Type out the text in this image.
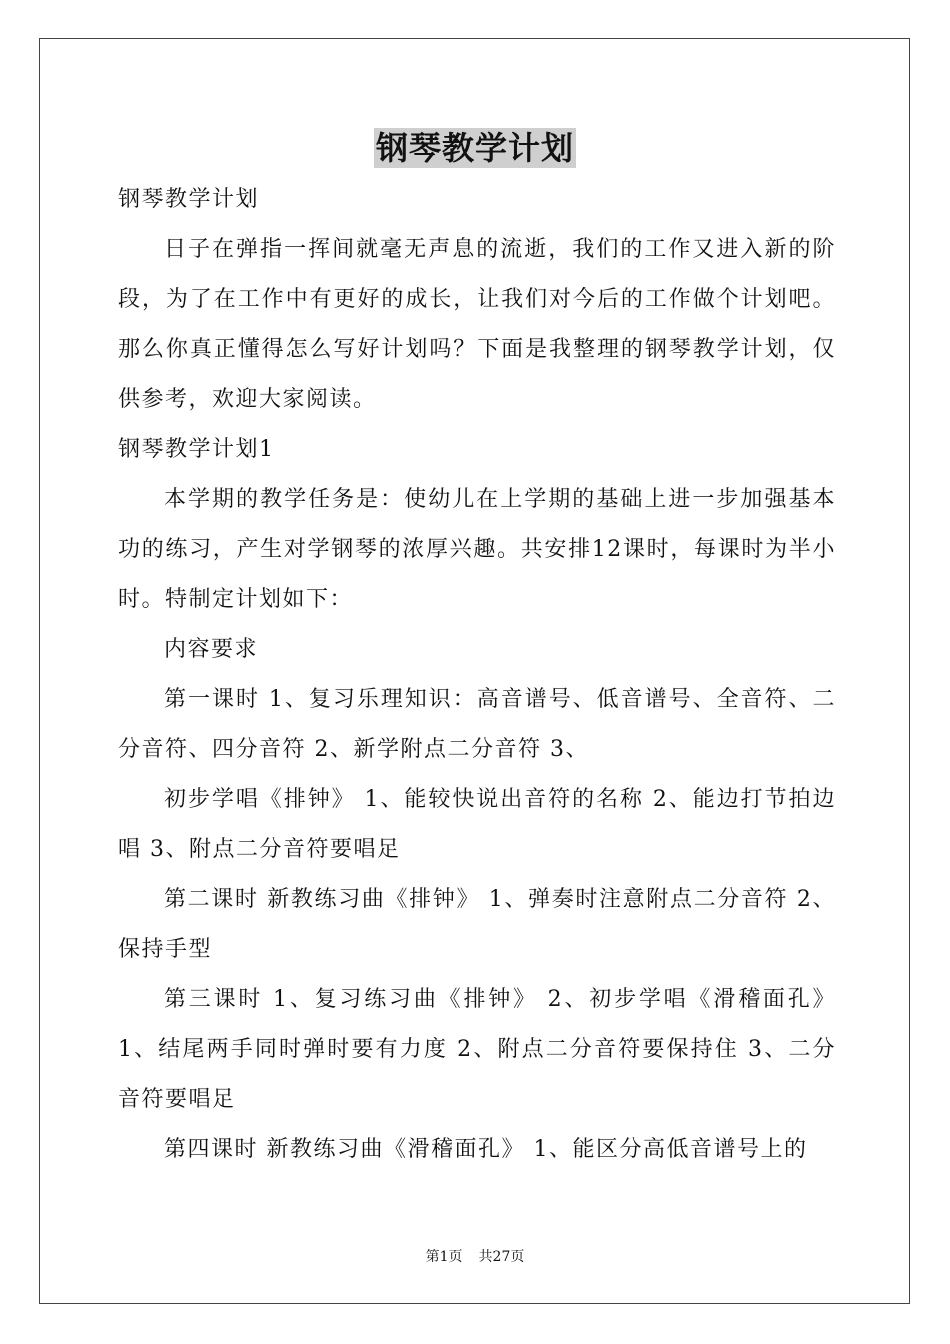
钢琴教学计划

钢琴教学计划

日子在弹指一挥间就毫无声息的流逝，我们的工作又进入新的阶段，为了在工作中有更好的成长，让我们对今后的工作做个计划吧。那么你真正懂得怎么写好计划吗？下面是我整理的钢琴教学计划，仅供参考，欢迎大家阅读。

钢琴教学计划1

本学期的教学任务是：使幼儿在上学期的基础上进一步加强基本功的练习，产生对学钢琴的浓厚兴趣。共安排12课时，每课时为半小时。特制定计划如下：

内容要求

第一课时 1、复习乐理知识：高音谱号、低音谱号、全音符、二分音符、四分音符 2、新学附点二分音符 3、

初步学唱《排钟》 1、能较快说出音符的名称 2、能边打节拍边唱 3、附点二分音符要唱足

第二课时 新教练习曲《排钟》 1、弹奏时注意附点二分音符 2、保持手型

第三课时 1、复习练习曲《排钟》 2、初步学唱《滑稽面孔》 1、结尾两手同时弹时要有力度 2、附点二分音符要保持住 3、二分音符要唱足

第四课时 新教练习曲《滑稽面孔》 1、能区分高低音谱号上的

第1页 共27页
